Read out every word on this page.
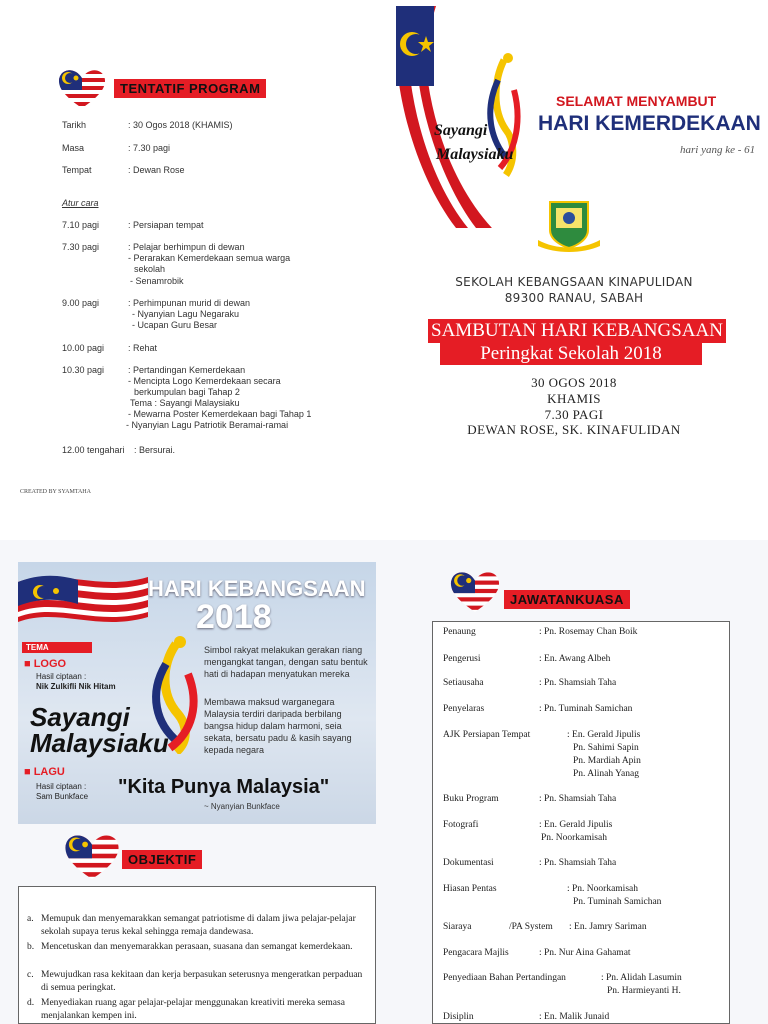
TENTATIF PROGRAM
Tarikh	: 30 Ogos 2018 (KHAMIS)
Masa	: 7.30 pagi
Tempat	: Dewan Rose
Atur cara
7.10 pagi	: Persiapan tempat
7.30 pagi	: Pelajar berhimpun di dewan
- Perarakan Kemerdekaan semua warga
sekolah
- Senamrobik
9.00 pagi	: Perhimpunan murid di dewan
- Nyanyian Lagu Negaraku
- Ucapan Guru Besar
10.00 pagi	: Rehat
10.30 pagi	: Pertandingan Kemerdekaan
- Mencipta Logo Kemerdekaan secara
berkumpulan bagi Tahap 2
Tema : Sayangi Malaysiaku
- Mewarna Poster Kemerdekaan bagi Tahap 1
- Nyanyian Lagu Patriotik Beramai-ramai
12.00 tengahari : Bersurai.
CREATED BY SYAMTAHA
Sayangi
Malaysiaku
SELAMAT MENYAMBUT
HARI KEMERDEKAAN
hari yang ke - 61
SEKOLAH KEBANGSAAN KINAPULIDAN
89300 RANAU, SABAH
SAMBUTAN HARI KEBANGSAAN
Peringkat Sekolah 2018
30 OGOS 2018
KHAMIS
7.30 PAGI
DEWAN ROSE, SK. KINAFULIDAN
HARI KEBANGSAAN
2018
TEMA
■ LOGO
Hasil ciptaan :
Nik Zulkifli Nik Hitam
Simbol rakyat melakukan gerakan riang mengangkat tangan, dengan satu bentuk hati di hadapan menyatukan mereka
Membawa maksud warganegara Malaysia terdiri daripada berbilang bangsa hidup dalam harmoni, seia sekata, bersatu padu & kasih sayang kepada negara
Sayangi
Malaysiaku
■ LAGU
Hasil ciptaan :
Sam Bunkface "Kita Punya Malaysia"
~ Nyanyian Bunkface
OBJEKTIF
a. Memupuk dan menyemarakkan semangat patriotisme di dalam jiwa pelajar-pelajar sekolah supaya terus kekal sehingga remaja dandewasa.
b. Mencetuskan dan menyemarakkan perasaan, suasana dan semangat kemerdekaan.
c. Mewujudkan rasa kekitaan dan kerja berpasukan seterusnya mengeratkan perpaduan di semua peringkat.
d. Menyediakan ruang agar pelajar-pelajar menggunakan kreativiti mereka semasa menjalankan kempen ini.
JAWATANKUASA
Penaung	: Pn. Rosemay Chan Boik
Pengerusi	: En. Awang Albeh
Setiausaha	: Pn. Shamsiah Taha
Penyelaras	: Pn. Tuminah Samichan
AJK Persiapan Tempat	: En. Gerald Jipulis
Pn. Sahimi Sapin
Pn. Mardiah Apin
Pn. Alinah Yanag
Buku Program	: Pn. Shamsiah Taha
Fotografi	: En. Gerald Jipulis
Pn. Noorkamisah
Dokumentasi	: Pn. Shamsiah Taha
Hiasan Pentas	: Pn. Noorkamisah
Pn. Tuminah Samichan
Siaraya	/PA System : En. Jamry Sariman
Pengacara Majlis	: Pn. Nur Aina Gahamat
Penyediaan Bahan Pertandingan	: Pn. Alidah Lasumin
Pn. Harmieyanti H.
Disiplin	: En. Malik Junaid
